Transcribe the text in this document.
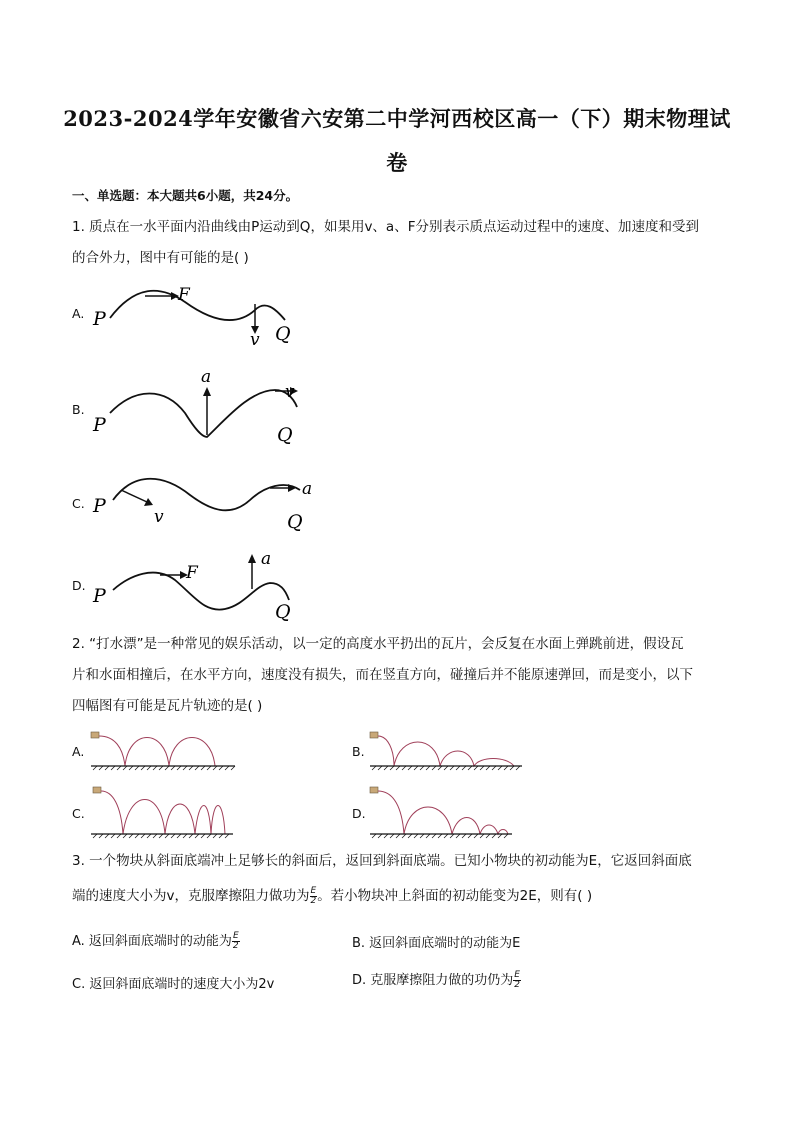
2023-2024学年安徽省六安第二中学河西校区高一（下）期末物理试
卷
一、单选题：本大题共6小题，共24分。
1. 质点在一水平面内沿曲线由P运动到Q，如果用v、a、F分别表示质点运动过程中的速度、加速度和受到
的合外力，图中有可能的是( )
A. P
Q
F
v
B.
P	Q
a
v
C. P
Q
v
a
D. P
Q
F
a
2. “打水漂”是一种常见的娱乐活动，以一定的高度水平扔出的瓦片，会反复在水面上弹跳前进，假设瓦
片和水面相撞后，在水平方向，速度没有损失，而在竖直方向，碰撞后并不能原速弹回，而是变小，以下
四幅图有可能是瓦片轨迹的是( )
A.	B.
C.	D.
3. 一个物块从斜面底端冲上足够长的斜面后，返回到斜面底端。已知小物块的初动能为E，它返回斜面底
端的速度大小为v，克服摩擦阻力做功为 $\frac{E}{2}$ 。若小物块冲上斜面的初动能变为2E，则有( )
A. 返回斜面底端时的动能为 $\frac{E}{2}$	B. 返回斜面底端时的动能为E
C. 返回斜面底端时的速度大小为2v	D. 克服摩擦阻力做的功仍为 $\frac{E}{2}$
